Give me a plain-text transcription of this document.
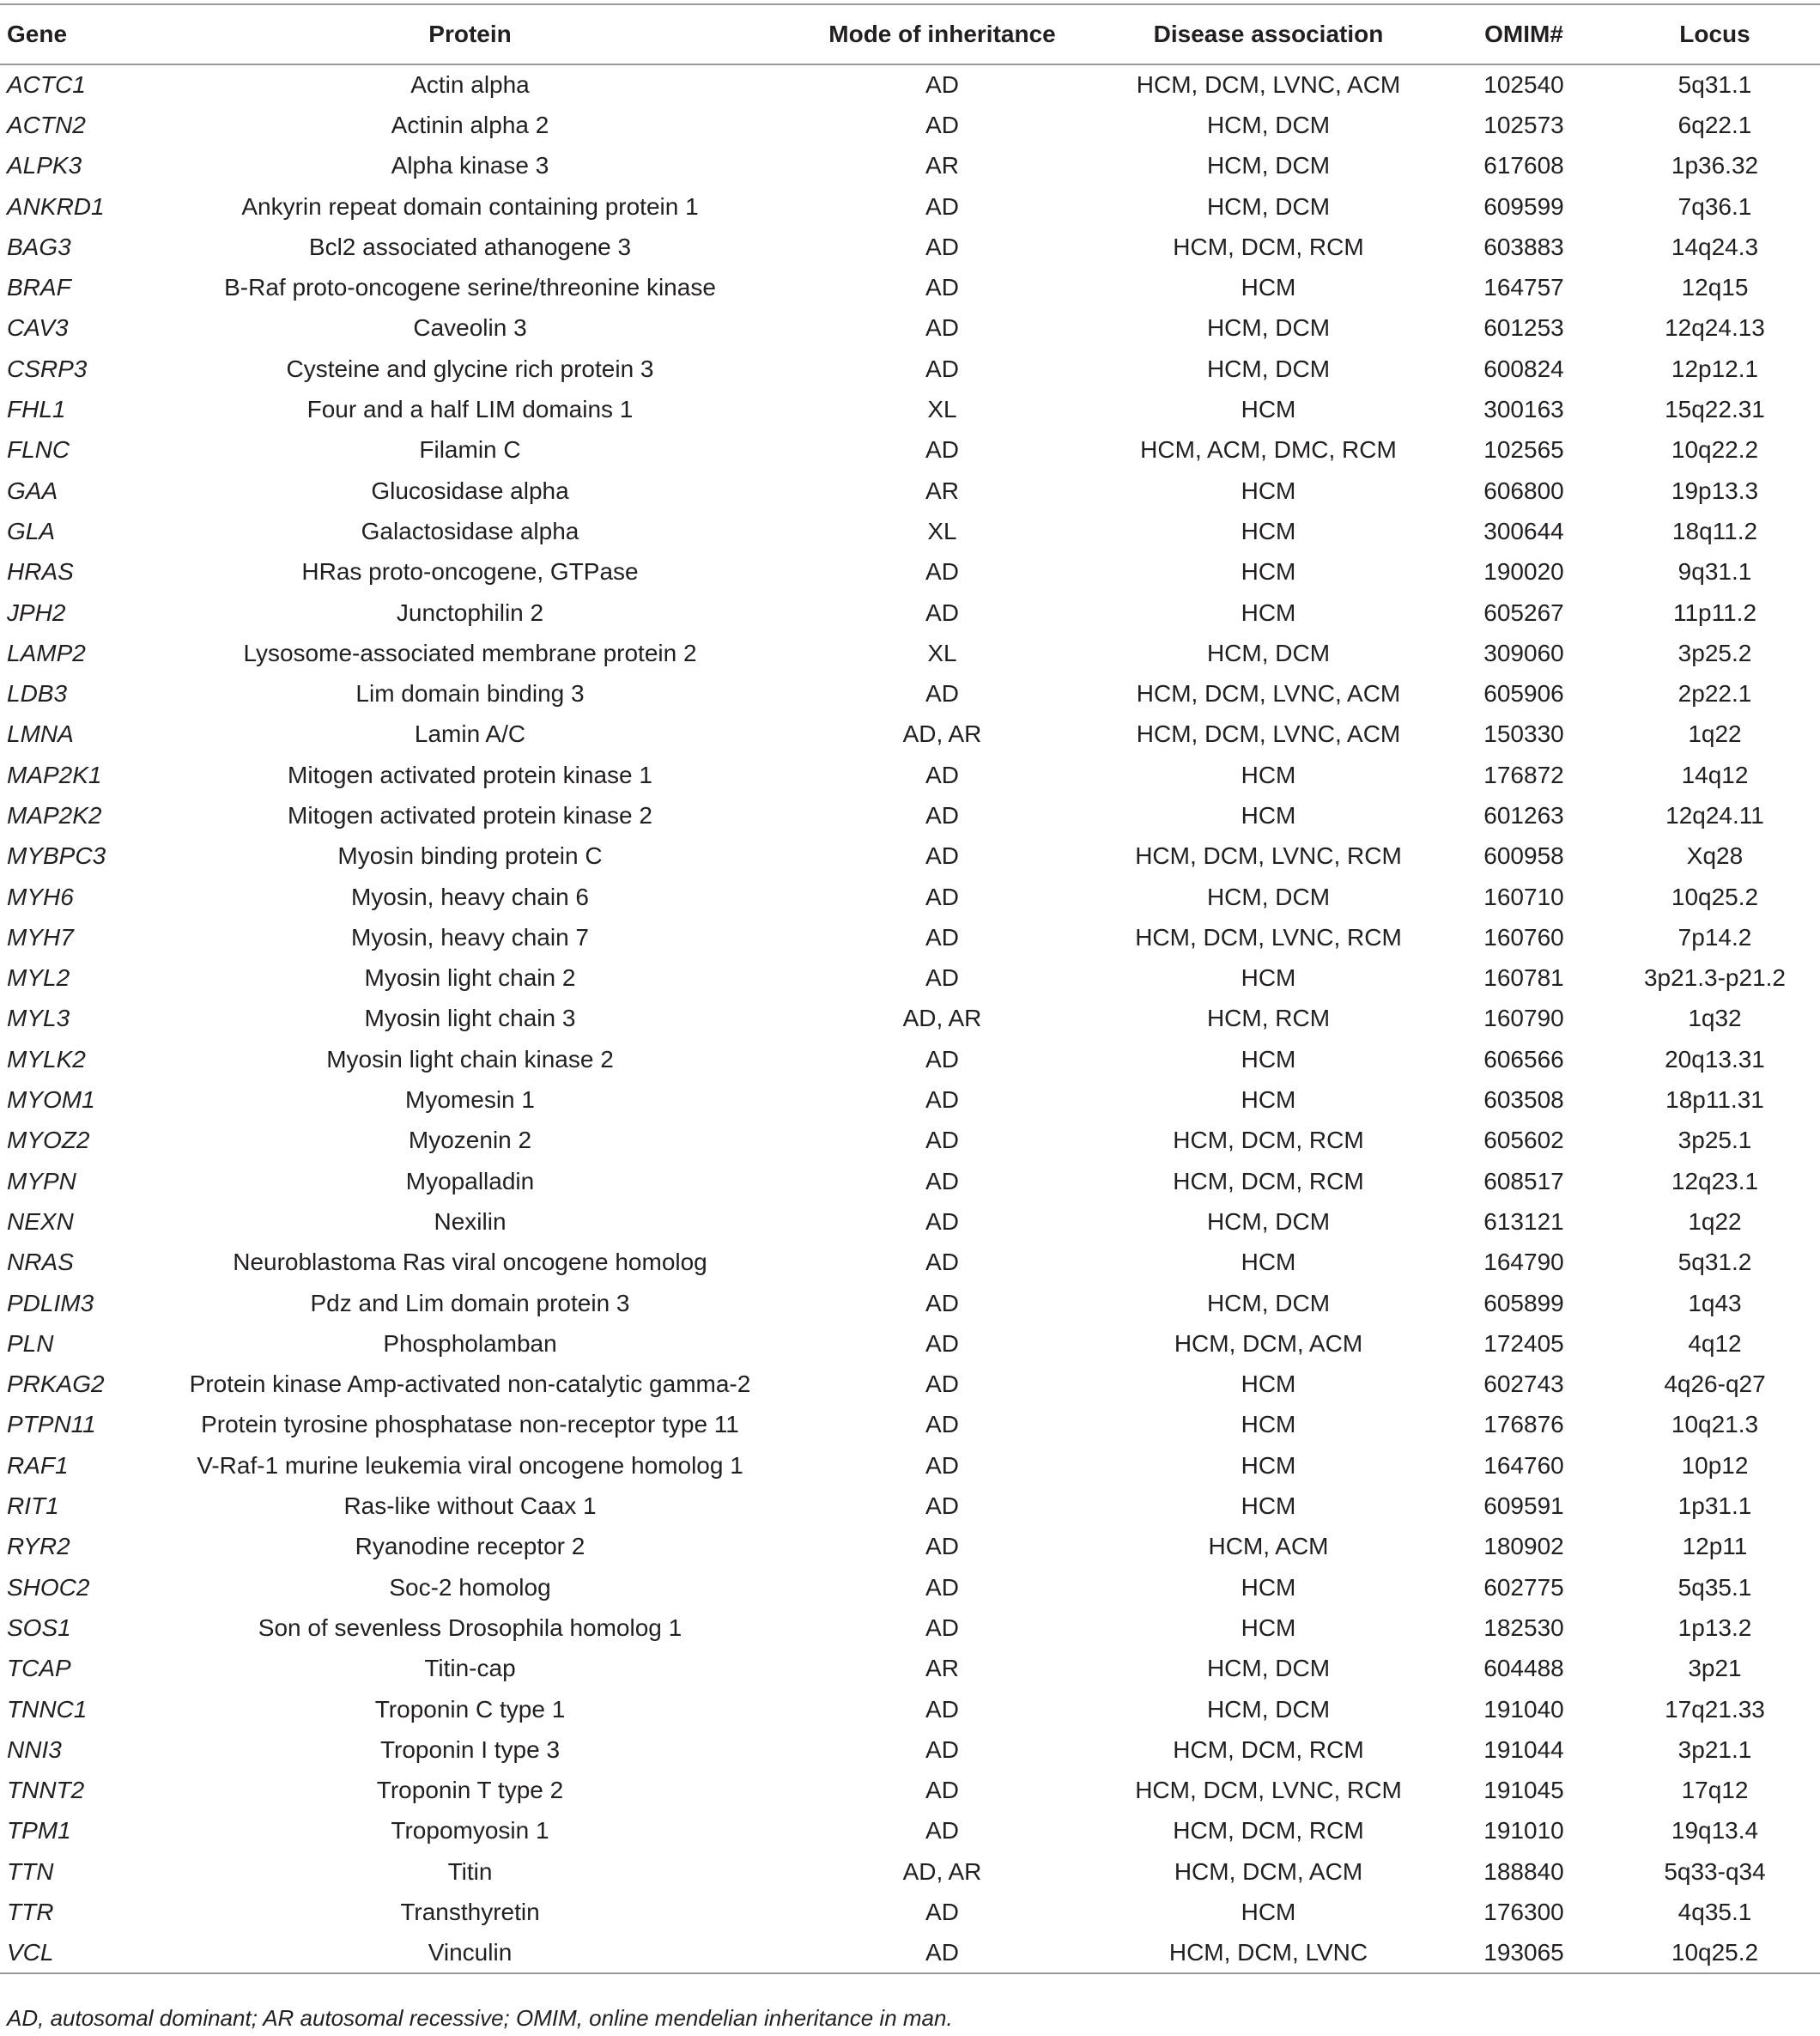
Gene	Protein	Mode of inheritance	Disease association	OMIM#	Locus
ACTC1	Actin alpha	AD	HCM, DCM, LVNC, ACM	102540	5q31.1
ACTN2	Actinin alpha 2	AD	HCM, DCM	102573	6q22.1
ALPK3	Alpha kinase 3	AR	HCM, DCM	617608	1p36.32
ANKRD1	Ankyrin repeat domain containing protein 1	AD	HCM, DCM	609599	7q36.1
BAG3	Bcl2 associated athanogene 3	AD	HCM, DCM, RCM	603883	14q24.3
BRAF	B-Raf proto-oncogene serine/threonine kinase	AD	HCM	164757	12q15
CAV3	Caveolin 3	AD	HCM, DCM	601253	12q24.13
CSRP3	Cysteine and glycine rich protein 3	AD	HCM, DCM	600824	12p12.1
FHL1	Four and a half LIM domains 1	XL	HCM	300163	15q22.31
FLNC	Filamin C	AD	HCM, ACM, DMC, RCM	102565	10q22.2
GAA	Glucosidase alpha	AR	HCM	606800	19p13.3
GLA	Galactosidase alpha	XL	HCM	300644	18q11.2
HRAS	HRas proto-oncogene, GTPase	AD	HCM	190020	9q31.1
JPH2	Junctophilin 2	AD	HCM	605267	11p11.2
LAMP2	Lysosome-associated membrane protein 2	XL	HCM, DCM	309060	3p25.2
LDB3	Lim domain binding 3	AD	HCM, DCM, LVNC, ACM	605906	2p22.1
LMNA	Lamin A/C	AD, AR	HCM, DCM, LVNC, ACM	150330	1q22
MAP2K1	Mitogen activated protein kinase 1	AD	HCM	176872	14q12
MAP2K2	Mitogen activated protein kinase 2	AD	HCM	601263	12q24.11
MYBPC3	Myosin binding protein C	AD	HCM, DCM, LVNC, RCM	600958	Xq28
MYH6	Myosin, heavy chain 6	AD	HCM, DCM	160710	10q25.2
MYH7	Myosin, heavy chain 7	AD	HCM, DCM, LVNC, RCM	160760	7p14.2
MYL2	Myosin light chain 2	AD	HCM	160781	3p21.3-p21.2
MYL3	Myosin light chain 3	AD, AR	HCM, RCM	160790	1q32
MYLK2	Myosin light chain kinase 2	AD	HCM	606566	20q13.31
MYOM1	Myomesin 1	AD	HCM	603508	18p11.31
MYOZ2	Myozenin 2	AD	HCM, DCM, RCM	605602	3p25.1
MYPN	Myopalladin	AD	HCM, DCM, RCM	608517	12q23.1
NEXN	Nexilin	AD	HCM, DCM	613121	1q22
NRAS	Neuroblastoma Ras viral oncogene homolog	AD	HCM	164790	5q31.2
PDLIM3	Pdz and Lim domain protein 3	AD	HCM, DCM	605899	1q43
PLN	Phospholamban	AD	HCM, DCM, ACM	172405	4q12
PRKAG2	Protein kinase Amp-activated non-catalytic gamma-2	AD	HCM	602743	4q26-q27
PTPN11	Protein tyrosine phosphatase non-receptor type 11	AD	HCM	176876	10q21.3
RAF1	V-Raf-1 murine leukemia viral oncogene homolog 1	AD	HCM	164760	10p12
RIT1	Ras-like without Caax 1	AD	HCM	609591	1p31.1
RYR2	Ryanodine receptor 2	AD	HCM, ACM	180902	12p11
SHOC2	Soc-2 homolog	AD	HCM	602775	5q35.1
SOS1	Son of sevenless Drosophila homolog 1	AD	HCM	182530	1p13.2
TCAP	Titin-cap	AR	HCM, DCM	604488	3p21
TNNC1	Troponin C type 1	AD	HCM, DCM	191040	17q21.33
NNI3	Troponin I type 3	AD	HCM, DCM, RCM	191044	3p21.1
TNNT2	Troponin T type 2	AD	HCM, DCM, LVNC, RCM	191045	17q12
TPM1	Tropomyosin 1	AD	HCM, DCM, RCM	191010	19q13.4
TTN	Titin	AD, AR	HCM, DCM, ACM	188840	5q33-q34
TTR	Transthyretin	AD	HCM	176300	4q35.1
VCL	Vinculin	AD	HCM, DCM, LVNC	193065	10q25.2
AD, autosomal dominant; AR autosomal recessive; OMIM, online mendelian inheritance in man.
